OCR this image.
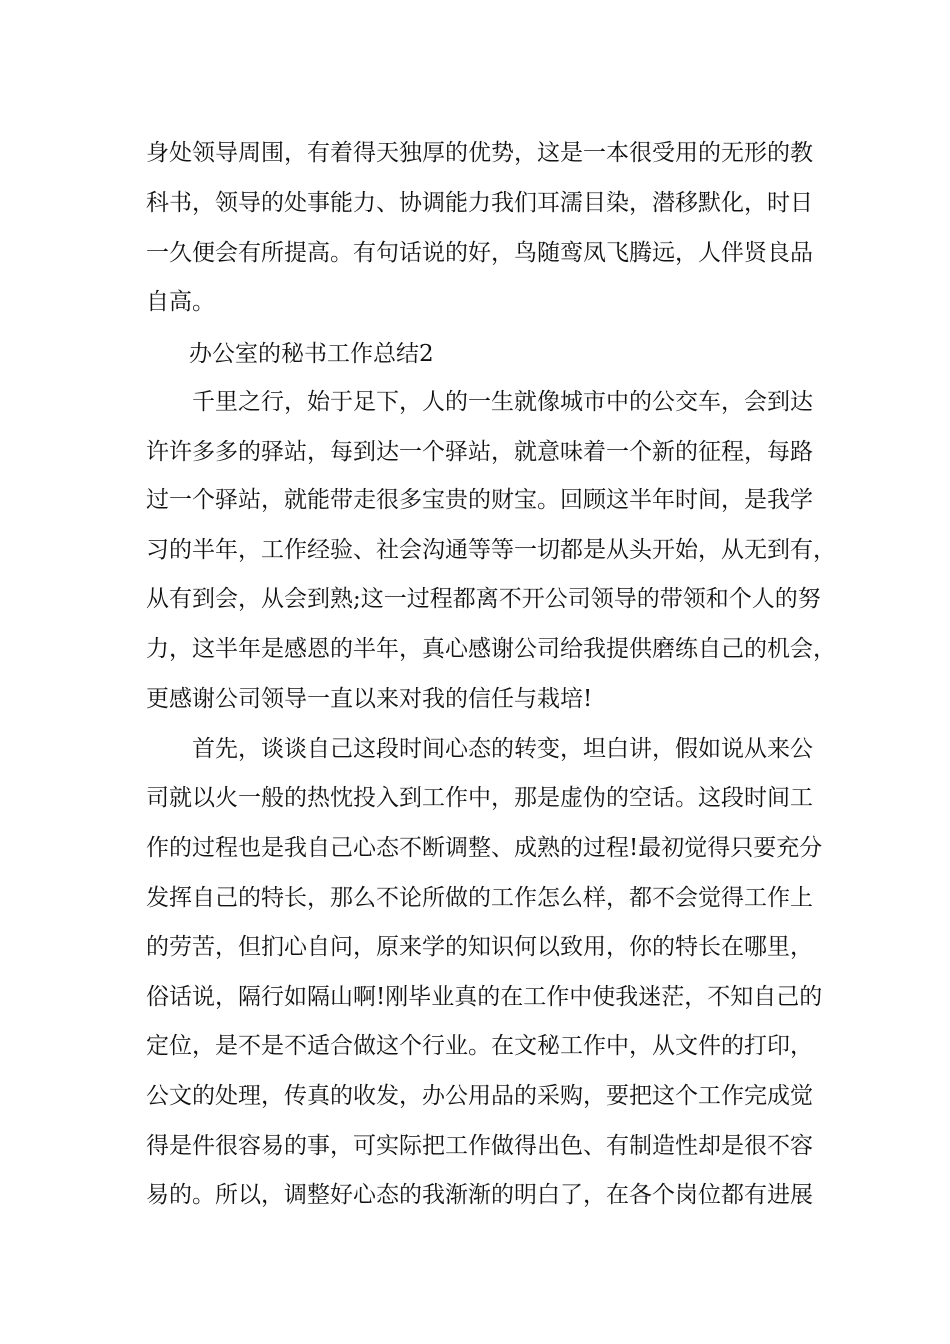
身处领导周围，有着得天独厚的优势，这是一本很受用的无形的教

科书，领导的处事能力、协调能力我们耳濡目染，潜移默化，时日

一久便会有所提高。有句话说的好，鸟随鸾凤飞腾远，人伴贤良品

自高。

办公室的秘书工作总结2

千里之行，始于足下，人的一生就像城市中的公交车，会到达

许许多多的驿站，每到达一个驿站，就意味着一个新的征程，每路

过一个驿站，就能带走很多宝贵的财宝。回顾这半年时间，是我学

习的半年，工作经验、社会沟通等等一切都是从头开始，从无到有，

从有到会，从会到熟;这一过程都离不开公司领导的带领和个人的努

力，这半年是感恩的半年，真心感谢公司给我提供磨练自己的机会，

更感谢公司领导一直以来对我的信任与栽培!

首先，谈谈自己这段时间心态的转变，坦白讲，假如说从来公

司就以火一般的热忱投入到工作中，那是虚伪的空话。这段时间工

作的过程也是我自己心态不断调整、成熟的过程!最初觉得只要充分

发挥自己的特长，那么不论所做的工作怎么样，都不会觉得工作上

的劳苦，但扪心自问，原来学的知识何以致用，你的特长在哪里，

俗话说，隔行如隔山啊!刚毕业真的在工作中使我迷茫，不知自己的

定位，是不是不适合做这个行业。在文秘工作中，从文件的打印，

公文的处理，传真的收发，办公用品的采购，要把这个工作完成觉

得是件很容易的事，可实际把工作做得出色、有制造性却是很不容

易的。所以，调整好心态的我渐渐的明白了，在各个岗位都有进展
